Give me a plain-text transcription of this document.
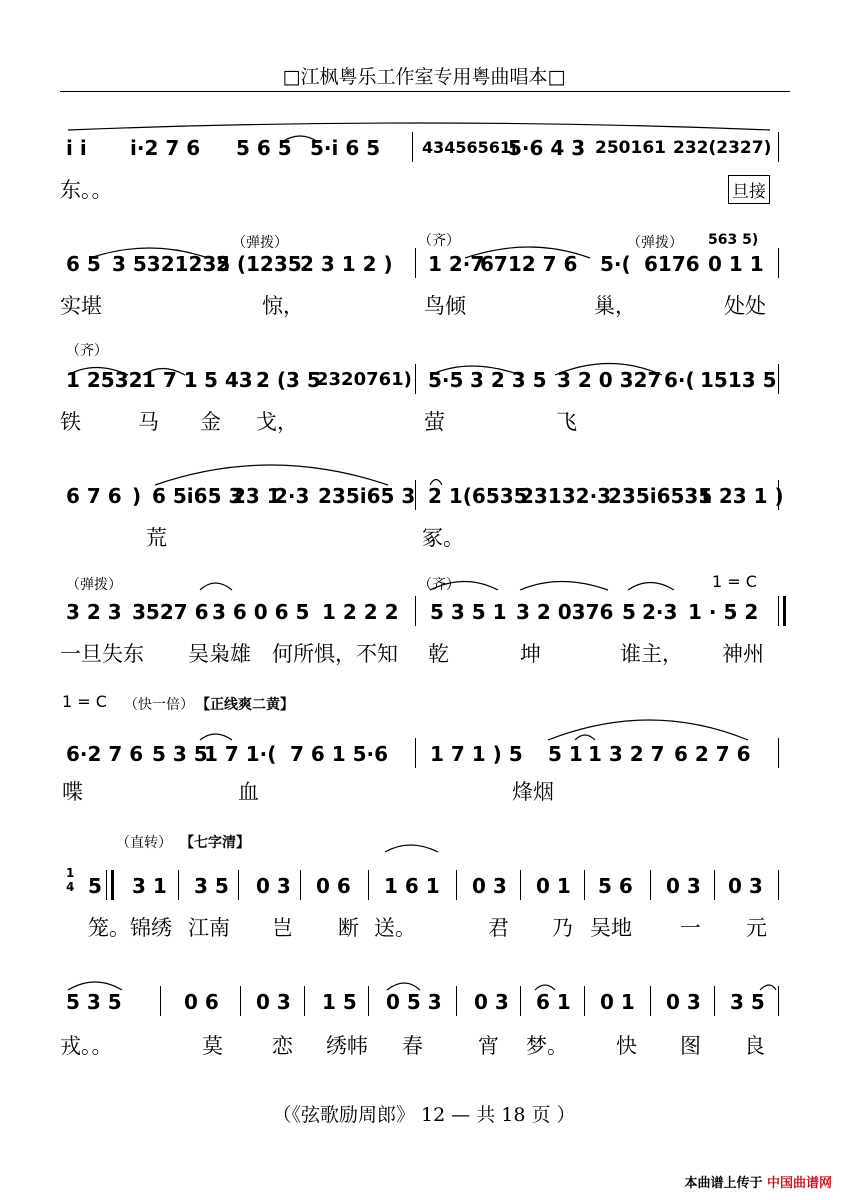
□江枫粤乐工作室专用粤曲唱本□
i i i·2 7 6 5 6 5 5·i 6 5	43456561i
5·6 4 3 250161 232(2327)
东。。	旦接
（弹拨）	（齐）	（弹拨）
6 5 3 5321235
2 (1235
2 3 1 2 ) 1 2·7
6712 7 6 5·( 6176 0 1 1
563 5)
实堪	惊，	鸟倾	巢，	处处
（齐）
1 2532 1 7 1 5 43 2 (3 5
2320761) 5·5 3 2 3 5 3 2 0 327 6·( 1513 5
铁	马 金 戈，	萤	飞
6 7 6 ) 6 5i65 3
23 1
2·3 235i65 3 2 1(6535
23132·3
235i6535
1 23 1 )
荒	冢。
（弹拨）	（齐）	1 = C
3 2 3 3527 6 3 6 0 6 5 1 2 2 2 5 3 5 1 3 2 0376 5 2·3 1 · 5 2
一旦失东 吴枭雄 何所惧，不知 乾	坤	谁主， 神州
1 = C （快一倍） 【正线爽二黄】
6·2 7 6 5 3 5
1 7 1·( 7 6 1 5·6 1 7 1 ) 5 5 1 1 3 2 7 6 2 7 6
喋	血	烽烟
（直转） 【七字清】
1
4 5 3 1 3 5 0 3 0 6 1 6 1 0 3 0 1 5 6 0 3 0 3
笼。锦绣 江南 岂 断 送。	君 乃 吴地 一 元
5 3 5	0 6 0 3 1 5 0 5 3 0 3 6 1 0 1 0 3 3 5
戎。。	莫 恋 绣帏 春	宵 梦。 快 图 良
（《弦歌励周郎》 12 — 共 18 页 ）
本曲谱上传于 中国曲谱网
